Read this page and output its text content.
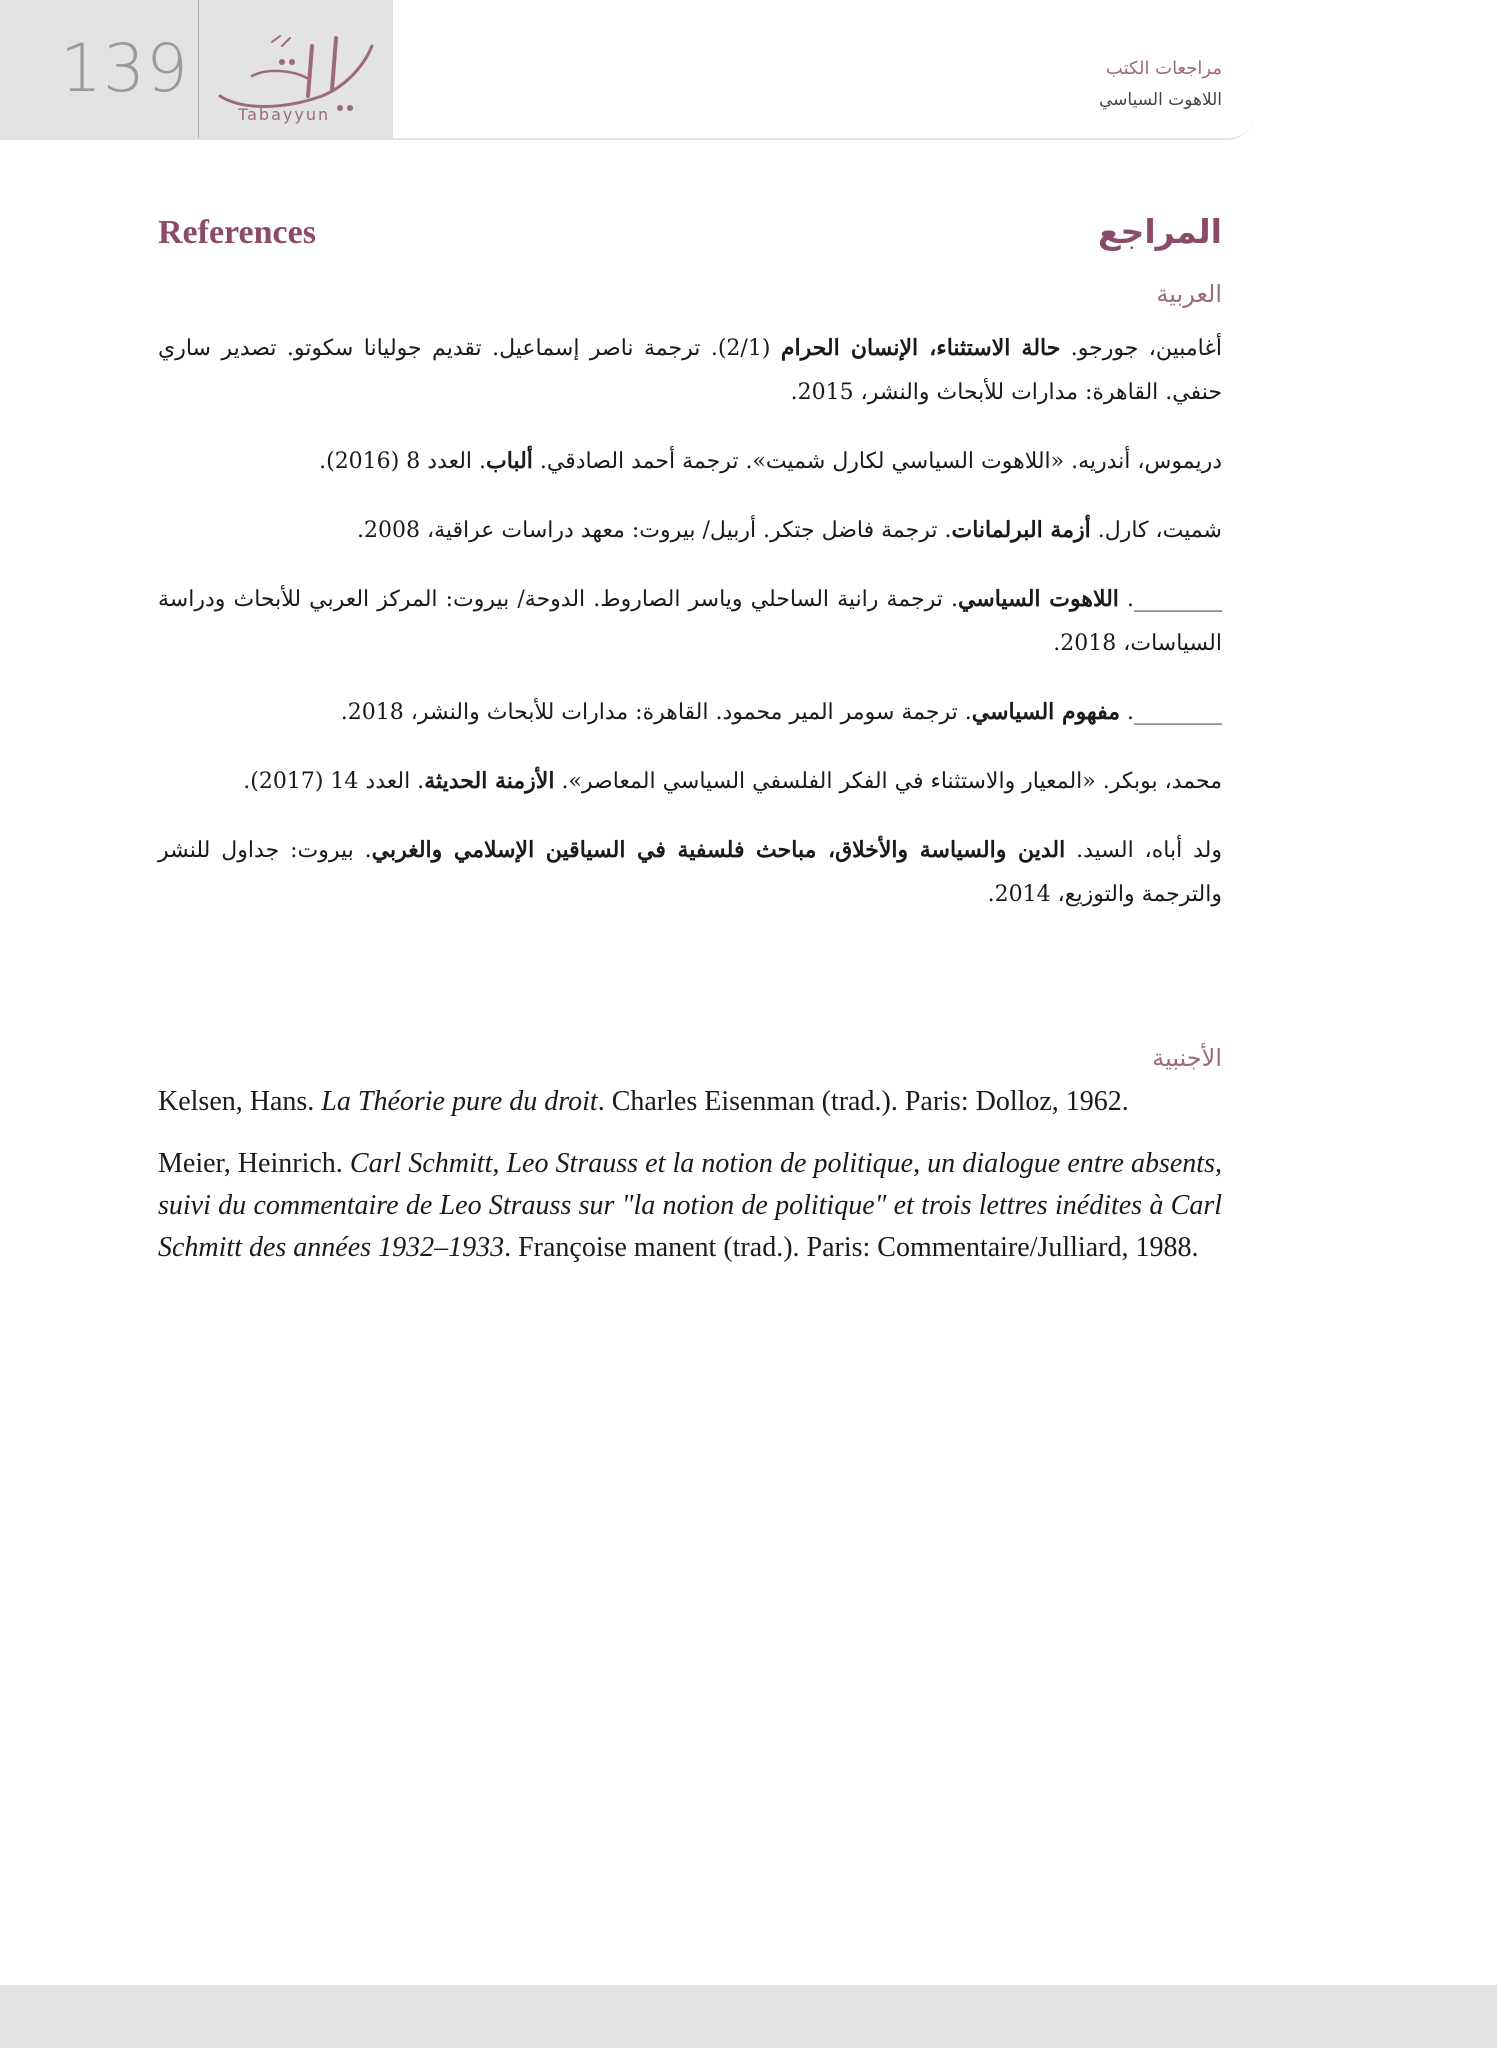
139
Tabayyun
مراجعات الكتب
اللاهوت السياسي
المراجع
References
العربية

أغامبين، جورجو. حالة الاستثناء، الإنسان الحرام (2/1). ترجمة ناصر إسماعيل. تقديم جوليانا سكوتو. تصدير ساري حنفي. القاهرة: مدارات للأبحاث والنشر، 2015.

دريموس، أندريه. «اللاهوت السياسي لكارل شميت». ترجمة أحمد الصادقي. ألباب. العدد 8 (2016).

شميت، كارل. أزمة البرلمانات. ترجمة فاضل جتكر. أربيل/ بيروت: معهد دراسات عراقية، 2008.

________. اللاهوت السياسي. ترجمة رانية الساحلي وياسر الصاروط. الدوحة/ بيروت: المركز العربي للأبحاث ودراسة السياسات، 2018.

________. مفهوم السياسي. ترجمة سومر المير محمود. القاهرة: مدارات للأبحاث والنشر، 2018.

محمد، بوبكر. «المعيار والاستثناء في الفكر الفلسفي السياسي المعاصر». الأزمنة الحديثة. العدد 14 (2017).

ولد أباه، السيد. الدين والسياسة والأخلاق، مباحث فلسفية في السياقين الإسلامي والغربي. بيروت: جداول للنشر والترجمة والتوزيع، 2014.

الأجنبية

Kelsen, Hans. La Théorie pure du droit. Charles Eisenman (trad.). Paris: Dolloz, 1962.

Meier, Heinrich. Carl Schmitt, Leo Strauss et la notion de politique, un dialogue entre absents, suivi du commentaire de Leo Strauss sur "la notion de politique" et trois lettres inédites à Carl Schmitt des années 1932–1933. Françoise manent (trad.). Paris: Commentaire/Julliard, 1988.
